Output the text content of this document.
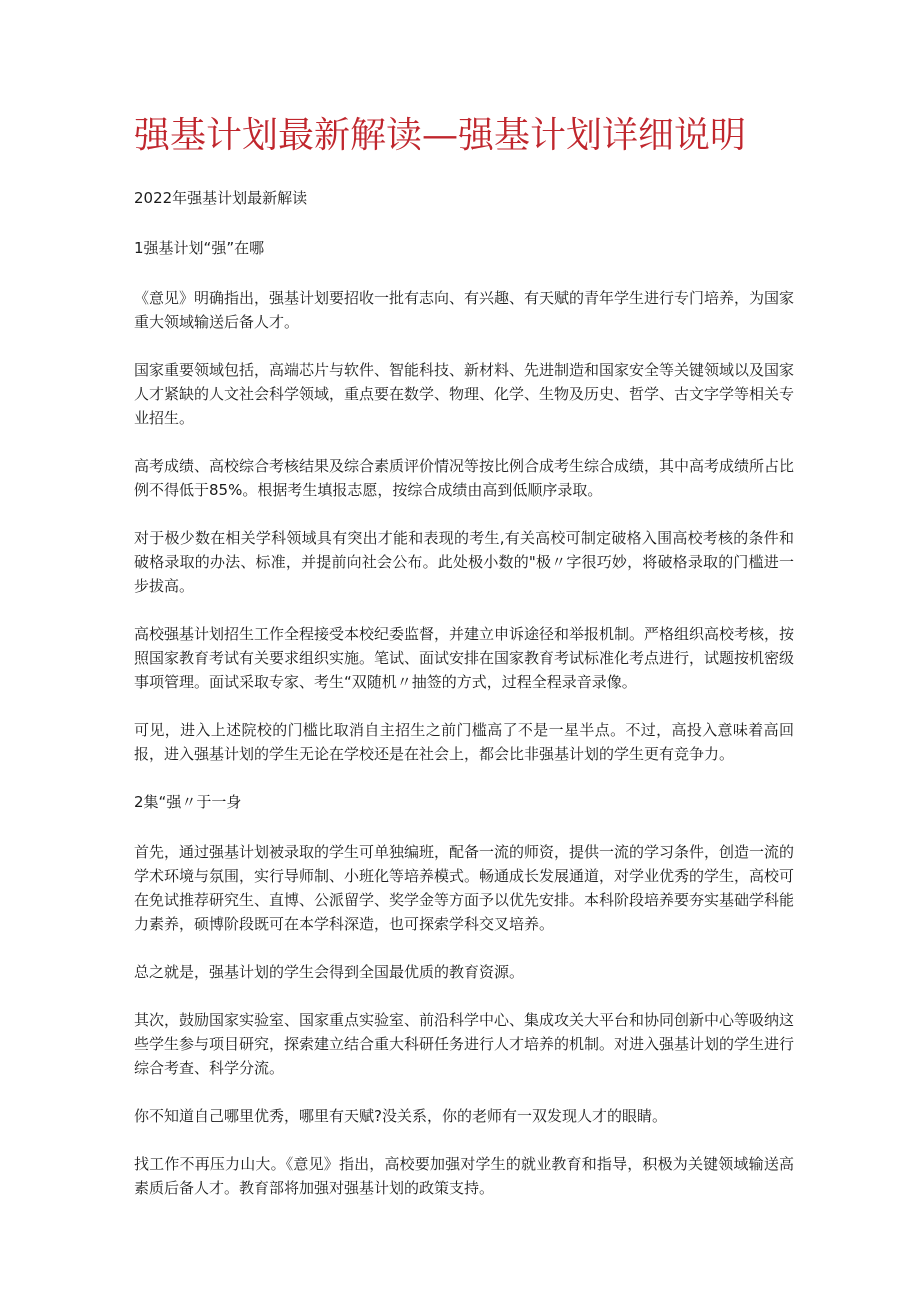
强基计划最新解读—强基计划详细说明

2022年强基计划最新解读

1强基计划“强”在哪

《意见》明确指出，强基计划要招收一批有志向、有兴趣、有天赋的青年学生进行专门培养，为国家重大领域输送后备人才。

国家重要领域包括，高端芯片与软件、智能科技、新材料、先进制造和国家安全等关键领域以及国家人才紧缺的人文社会科学领域，重点要在数学、物理、化学、生物及历史、哲学、古文字学等相关专业招生。

高考成绩、高校综合考核结果及综合素质评价情况等按比例合成考生综合成绩，其中高考成绩所占比例不得低于85%。根据考生填报志愿，按综合成绩由高到低顺序录取。

对于极少数在相关学科领域具有突出才能和表现的考生,有关高校可制定破格入围高校考核的条件和破格录取的办法、标准，并提前向社会公布。此处极小数的"极〃字很巧妙，将破格录取的门槛进一步拔高。

高校强基计划招生工作全程接受本校纪委监督，并建立申诉途径和举报机制。严格组织高校考核，按照国家教育考试有关要求组织实施。笔试、面试安排在国家教育考试标准化考点进行，试题按机密级事项管理。面试采取专家、考生“双随机〃抽签的方式，过程全程录音录像。

可见，进入上述院校的门槛比取消自主招生之前门槛高了不是一星半点。不过，高投入意味着高回报，进入强基计划的学生无论在学校还是在社会上，都会比非强基计划的学生更有竞争力。

2集“强〃于一身

首先，通过强基计划被录取的学生可单独编班，配备一流的师资，提供一流的学习条件，创造一流的学术环境与氛围，实行导师制、小班化等培养模式。畅通成长发展通道，对学业优秀的学生，高校可在免试推荐研究生、直博、公派留学、奖学金等方面予以优先安排。本科阶段培养要夯实基础学科能力素养，硕博阶段既可在本学科深造，也可探索学科交叉培养。

总之就是，强基计划的学生会得到全国最优质的教育资源。

其次，鼓励国家实验室、国家重点实验室、前沿科学中心、集成攻关大平台和协同创新中心等吸纳这些学生参与项目研究，探索建立结合重大科研任务进行人才培养的机制。对进入强基计划的学生进行综合考查、科学分流。

你不知道自己哪里优秀，哪里有天赋?没关系，你的老师有一双发现人才的眼睛。

找工作不再压力山大。《意见》指出，高校要加强对学生的就业教育和指导，积极为关键领域输送高素质后备人才。教育部将加强对强基计划的政策支持。
